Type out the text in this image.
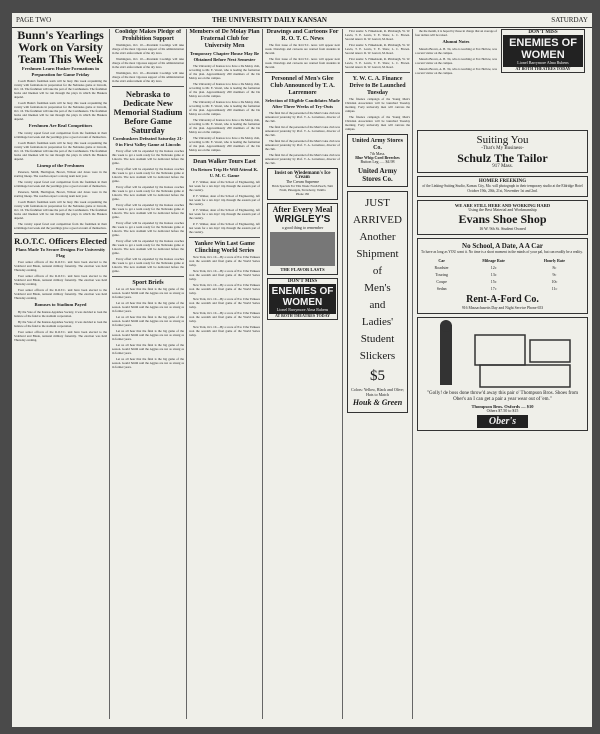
PAGE TWO	THE UNIVERSITY DAILY KANSAN	SATURDAY
Bunn's Yearlings Work on Varsity Team This Week
Freshmen Learn Husker Formations in Preparation for Game Friday

Coach Bunn's freshman team will be busy this week acquainting the varsity with formations in preparation for the Nebraska game at Lincoln, Oct. 16. The freshmen will take the part of the Cornhuskers. The freshmen backs and linemen will be run through the plays in which the Huskers depend.

Coach Bunn's freshman team will be busy this week acquainting the varsity with formations in preparation for the Nebraska game at Lincoln, Oct. 16. The freshmen will take the part of the Cornhuskers. The freshmen backs and linemen will be run through the plays in which the Huskers depend.

Freshmen Are Real Competitors

The varsity squad faced real competition from the freshmen in their scrimmage last week and the yearlings gave a good account of themselves.

Coach Bunn's freshman team will be busy this week acquainting the varsity with formations in preparation for the Nebraska game at Lincoln, Oct. 16. The freshmen will take the part of the Cornhuskers. The freshmen backs and linemen will be run through the plays in which the Huskers depend.

Lineup of the Freshmen

Peterson, Smith, Harrington, Brown, Wilson and Jones were in the starting lineup. The coaches expect a strong team next year.

The varsity squad faced real competition from the freshmen in their scrimmage last week and the yearlings gave a good account of themselves.

Peterson, Smith, Harrington, Brown, Wilson and Jones were in the starting lineup. The coaches expect a strong team next year.

Coach Bunn's freshman team will be busy this week acquainting the varsity with formations in preparation for the Nebraska game at Lincoln, Oct. 16. The freshmen will take the part of the Cornhuskers. The freshmen backs and linemen will be run through the plays in which the Huskers depend.

The varsity squad faced real competition from the freshmen in their scrimmage last week and the yearlings gave a good account of themselves.

R.O.T.C. Officers Elected
Plans Made To Secure Designs For University Flag

Four senior officers of the R.O.T.C. unit have been elected to the Scabbard and Blade, national military fraternity. The election was held Thursday evening.

Four senior officers of the R.O.T.C. unit have been elected to the Scabbard and Blade, national military fraternity. The election was held Thursday evening.

Four senior officers of the R.O.T.C. unit have been elected to the Scabbard and Blade, national military fraternity. The election was held Thursday evening.

Bonuses to Stadium Payed

By the Vote of the Kansas Applebee Society, it was decided to loan the balance of the fund to the stadium corporation.

By the Vote of the Kansas Applebee Society, it was decided to loan the balance of the fund to the stadium corporation.

Four senior officers of the R.O.T.C. unit have been elected to the Scabbard and Blade, national military fraternity. The election was held Thursday evening.

Coolidge Makes Pledge of Prohibition Support

Washington, Oct. 10.—President Coolidge will take charge of the most vigorous support of his administration in the strict enforcement of the dry laws.

Washington, Oct. 10.—President Coolidge will take charge of the most vigorous support of his administration in the strict enforcement of the dry laws.

Washington, Oct. 10.—President Coolidge will take charge of the most vigorous support of his administration in the strict enforcement of the dry laws.

Nebraska to Dedicate New Memorial Stadium Before Game Saturday
Cornhuskers Defeated Saturday 21-0 in First Valley Game at Lincoln

Every effort will be expended by the Kansas coaches this week to get a team ready for the Nebraska game at Lincoln. The new stadium will be dedicated before the game.

Every effort will be expended by the Kansas coaches this week to get a team ready for the Nebraska game at Lincoln. The new stadium will be dedicated before the game.

Every effort will be expended by the Kansas coaches this week to get a team ready for the Nebraska game at Lincoln. The new stadium will be dedicated before the game.

Every effort will be expended by the Kansas coaches this week to get a team ready for the Nebraska game at Lincoln. The new stadium will be dedicated before the game.

Every effort will be expended by the Kansas coaches this week to get a team ready for the Nebraska game at Lincoln. The new stadium will be dedicated before the game.

Every effort will be expended by the Kansas coaches this week to get a team ready for the Nebraska game at Lincoln. The new stadium will be dedicated before the game.

Every effort will be expended by the Kansas coaches this week to get a team ready for the Nebraska game at Lincoln. The new stadium will be dedicated before the game.

Sport Briefs

Let us all hear that the final is the big game of the season. Gould Smith said the Aggies are not as strong as in former years.

Let us all hear that the final is the big game of the season. Gould Smith said the Aggies are not as strong as in former years.

Let us all hear that the final is the big game of the season. Gould Smith said the Aggies are not as strong as in former years.

Let us all hear that the final is the big game of the season. Gould Smith said the Aggies are not as strong as in former years.

Let us all hear that the final is the big game of the season. Gould Smith said the Aggies are not as strong as in former years.

Let us all hear that the final is the big game of the season. Gould Smith said the Aggies are not as strong as in former years.

Members of De Molay Plan Fraternal Club for University Men
Temporary Chapter House May Be Obtained Before Next Semester

The University of Kansas is to have a De Molay club, according to Mr. E. Vestal, who is leading the formation of the plan. Approximately 200 members of the De Molay are on the campus.

The University of Kansas is to have a De Molay club, according to Mr. E. Vestal, who is leading the formation of the plan. Approximately 200 members of the De Molay are on the campus.

The University of Kansas is to have a De Molay club, according to Mr. E. Vestal, who is leading the formation of the plan. Approximately 200 members of the De Molay are on the campus.

The University of Kansas is to have a De Molay club, according to Mr. E. Vestal, who is leading the formation of the plan. Approximately 200 members of the De Molay are on the campus.

The University of Kansas is to have a De Molay club, according to Mr. E. Vestal, who is leading the formation of the plan. Approximately 200 members of the De Molay are on the campus.

Dean Walker Tours East
On Return Trip He Will Attend K. U. M. C. Game

P. F. Walker, dean of the School of Engineering, left last week for a ten days' trip through the eastern part of the country.

P. F. Walker, dean of the School of Engineering, left last week for a ten days' trip through the eastern part of the country.

P. F. Walker, dean of the School of Engineering, left last week for a ten days' trip through the eastern part of the country.

P. F. Walker, dean of the School of Engineering, left last week for a ten days' trip through the eastern part of the country.

Yankee Win Last Game Clinching World Series

New York, Oct. 10.—By a score of 8 to 0 the Yankees won the seventh and final game of the World Series today.

New York, Oct. 10.—By a score of 8 to 0 the Yankees won the seventh and final game of the World Series today.

New York, Oct. 10.—By a score of 8 to 0 the Yankees won the seventh and final game of the World Series today.

New York, Oct. 10.—By a score of 8 to 0 the Yankees won the seventh and final game of the World Series today.

New York, Oct. 10.—By a score of 8 to 0 the Yankees won the seventh and final game of the World Series today.

New York, Oct. 10.—By a score of 8 to 0 the Yankees won the seventh and final game of the World Series today.

Drawings and Cartoons For R. O. T. C. News

The first issue of the R.O.T.C. news will appear next week. Drawings and cartoons are wanted from students in the unit.

The first issue of the R.O.T.C. news will appear next week. Drawings and cartoons are wanted from students in the unit.

Personnel of Men's Glee Club Announced by T. A. Larremore
Selection of Eligible Candidates Made After Three Weeks of Try-Outs

The final list of the personnel of the Men's Glee club was announced yesterday by Prof. T. A. Larremore, director of the club.

The final list of the personnel of the Men's Glee club was announced yesterday by Prof. T. A. Larremore, director of the club.

The final list of the personnel of the Men's Glee club was announced yesterday by Prof. T. A. Larremore, director of the club.

The final list of the personnel of the Men's Glee club was announced yesterday by Prof. T. A. Larremore, director of the club.

Insist on Wiedemann's Ice Cream
The Cream Supreme
Brick Specials For This Week: Fresh Peach, Tutti Frutti, Pineapple, Strawberry, Vanilla
Phone 182
After Every Meal
WRIGLEY'S
a good thing to remember
THE FLAVOR LASTS
DON'T MISS
ENEMIES OF WOMEN
Lionel Barrymore Alma Rubens
AT BOTH THEATRES TODAY

First teams: S. Finkelstein, R. Pittsburgh, W. W. Lewis, T. E. Lewis, T. E. Shaw, L. C. Brown. Second tenors: R. W. Garrett, M. Reed.

First teams: S. Finkelstein, R. Pittsburgh, W. W. Lewis, T. E. Lewis, T. E. Shaw, L. C. Brown. Second tenors: R. W. Garrett, M. Reed.

First teams: S. Finkelstein, R. Pittsburgh, W. W. Lewis, T. E. Lewis, T. E. Shaw, L. C. Brown. Second tenors: R. W. Garrett, M. Reed.

Y. W. C. A. Finance Drive to Be Launched Tuesday

The finance campaign of the Young Men's Christian Association will be launched Tuesday morning. Forty university men will canvass the campus.

The finance campaign of the Young Men's Christian Association will be launched Tuesday morning. Forty university men will canvass the campus.

United Army Stores Co.
7th Mass.
Blue Whip Cord Breeches
Button Leg ..... $4.98
United Army Stores Co.
JUST
ARRIVED
Another
Shipment
of
Men's
and
Ladies'
Student
Slickers
$5
Colors: Yellow, Black and Olive; Hats to Match
Houk & Green

the the month, it is hoped by those in charge that an average of four dollars will be raised.

Alumni Notes

Mereda Brown, A. B. '24, who is teaching at Fox Hollow, was a recent visitor on the campus.

Mereda Brown, A. B. '24, who is teaching at Fox Hollow, was a recent visitor on the campus.

Mereda Brown, A. B. '24, who is teaching at Fox Hollow, was a recent visitor on the campus.

DON'T MISS
ENEMIES OF WOMEN
Lionel Barrymore Alma Rubens
AT BOTH THEATRES TODAY
Suiting You
-That's My Business-
Schulz The Tailor
917 Mass.
HOMER FREEKING
of the Linking-Suiting Studio, Kansas City, Mo. will photograph in their temporary studio at the Eldridge Hotel October 19th, 20th, 21st, November 1st and 2nd.
WE ARE STILL HERE AND WORKING HARD
Using the Best Material and Workmanship
Evans Shoe Shop
16 W. 9th St. Student Owned
No School, A Date, A A Car
To have as long as YOU want it. No time is a short moment in the minds of your pal, but can readily be a reality.
Car	Mileage Rate	Hourly Rate
Roadster	12c	8c
Touring	13c	9c
Coupe	15c	10c
Sedan	17c	11c
Rent-A-Ford Co.
916 Massachusetts Day and Night Service Phone 653
"Golly! de boss done throw'd away this pair o' Thompson Bros. Shoes from Ober's an I can get a pair a year wear out of 'em."
Thompson Bros. Oxfords — $10
Others $7.50 to $15
Ober's
